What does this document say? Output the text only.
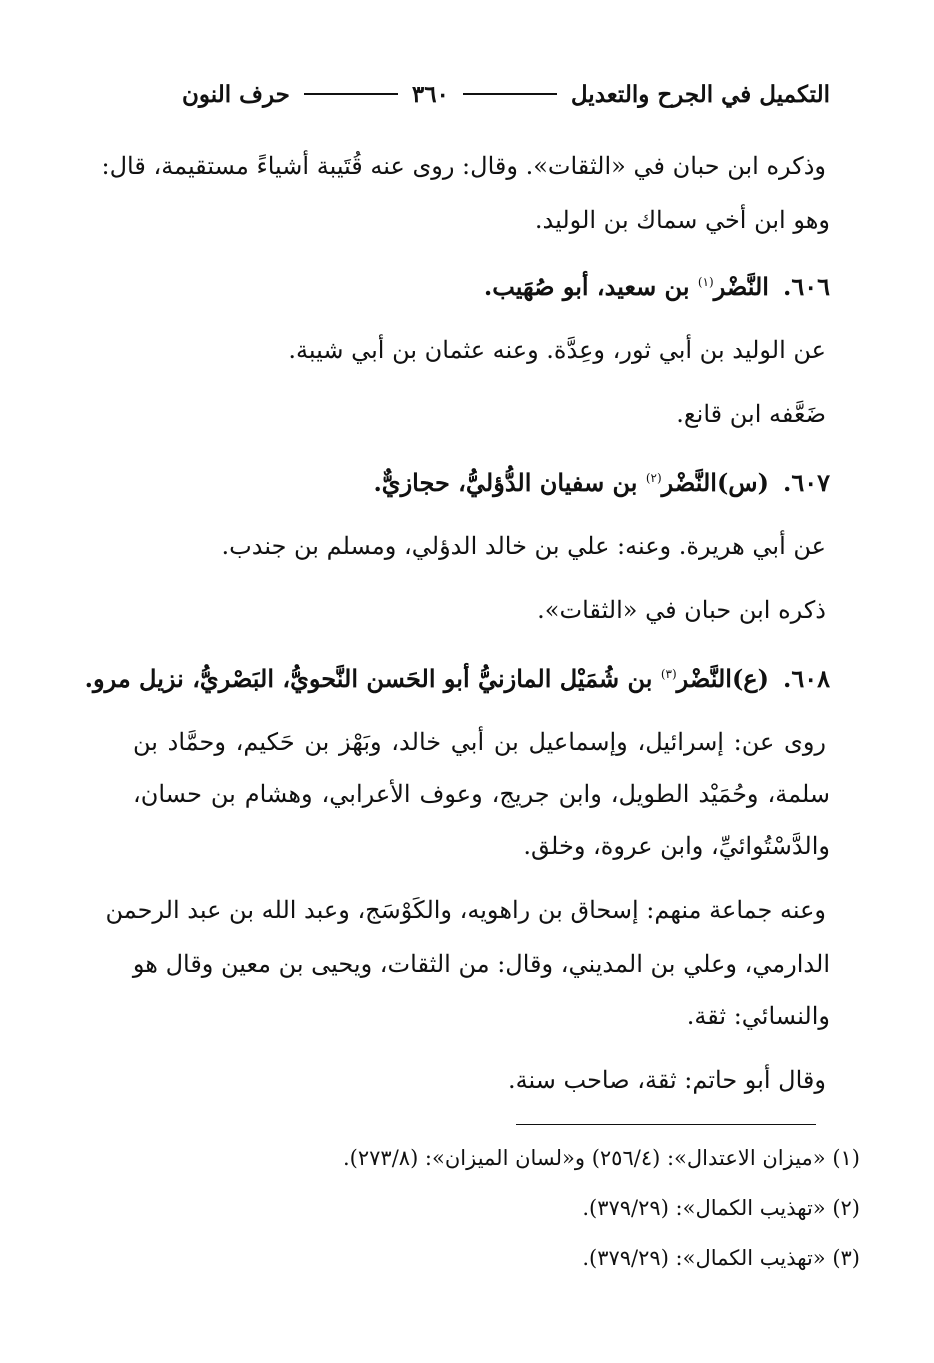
التكميل في الجرح والتعديل
٣٦٠
حرف النون
وذكره ابن حبان في «الثقات». وقال: روى عنه قُتَيبة أشياءً مستقيمة، قال:
وهو ابن أخي سماك بن الوليد.
٦٠٦.النَّضْر$^{(١)}$ بن سعيد، أبو صُهَيب.
عن الوليد بن أبي ثور، وعِدَّة. وعنه عثمان بن أبي شيبة.
ضَعَّفه ابن قانع.
٦٠٧.(س)النَّضْر$^{(٢)}$ بن سفيان الدُّؤليُّ، حجازيٌّ.
عن أبي هريرة. وعنه: علي بن خالد الدؤلي، ومسلم بن جندب.
ذكره ابن حبان في «الثقات».
٦٠٨.(ع)النَّضْر$^{(٣)}$ بن شُمَيْل المازنيُّ أبو الحَسن النَّحويُّ، البَصْريُّ، نزيل مرو.
روى عن: إسرائيل، وإسماعيل بن أبي خالد، وبَهْز بن حَكيم، وحمَّاد بن
سلمة، وحُمَيْد الطويل، وابن جريج، وعوف الأعرابي، وهشام بن حسان،
والدَّسْتُوائيِّ، وابن عروة، وخلق.
وعنه جماعة منهم: إسحاق بن راهويه، والكَوْسَج، وعبد الله بن عبد الرحمن
الدارمي، وعلي بن المديني، وقال: من الثقات، ويحيى بن معين وقال هو
والنسائي: ثقة.
وقال أبو حاتم: ثقة، صاحب سنة.
(١) «ميزان الاعتدال»: (٢٥٦/٤) و«لسان الميزان»: (٢٧٣/٨).
(٢) «تهذيب الكمال»: (٣٧٩/٢٩).
(٣) «تهذيب الكمال»: (٣٧٩/٢٩).
